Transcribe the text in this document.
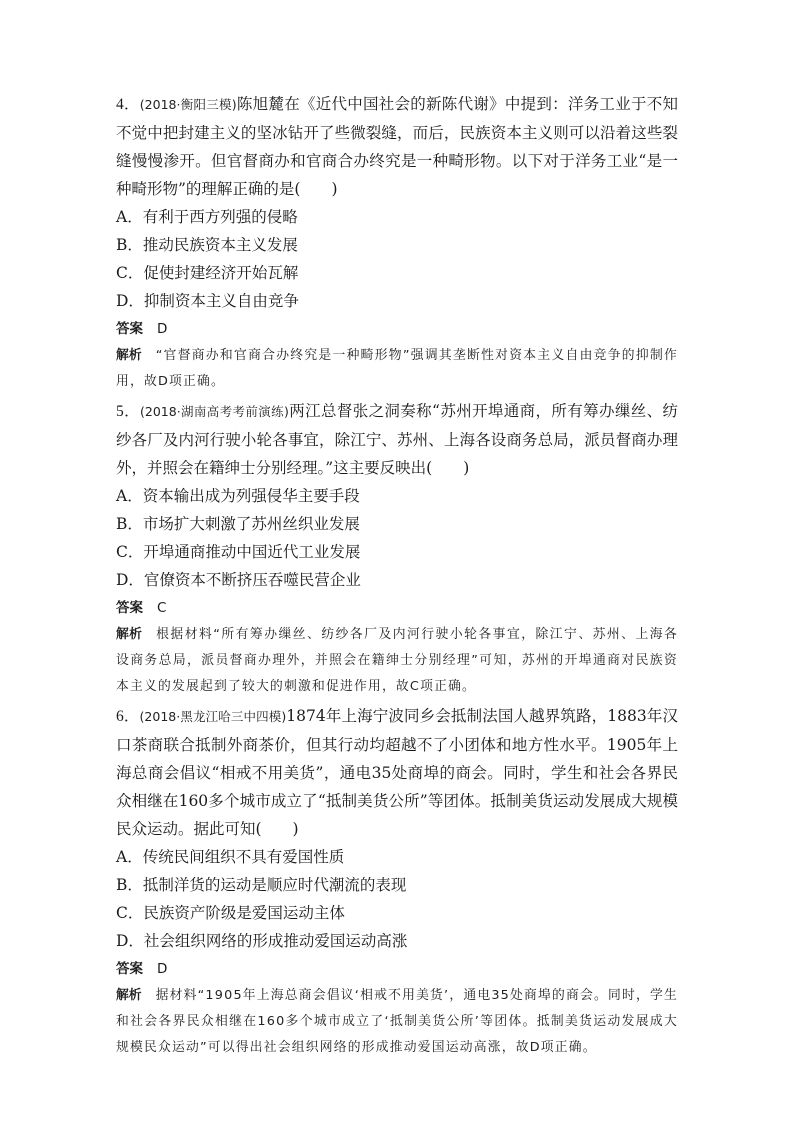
4．(2018·衡阳三模)陈旭麓在《近代中国社会的新陈代谢》中提到：洋务工业于不知不觉中把封建主义的坚冰钻开了些微裂缝，而后，民族资本主义则可以沿着这些裂缝慢慢渗开。但官督商办和官商合办终究是一种畸形物。以下对于洋务工业“是一种畸形物”的理解正确的是(　　)

A．有利于西方列强的侵略

B．推动民族资本主义发展

C．促使封建经济开始瓦解

D．抑制资本主义自由竞争

答案 D

解析 “官督商办和官商合办终究是一种畸形物”强调其垄断性对资本主义自由竞争的抑制作用，故D项正确。

5．(2018·湖南高考考前演练)两江总督张之洞奏称“苏州开埠通商，所有筹办缫丝、纺纱各厂及内河行驶小轮各事宜，除江宁、苏州、上海各设商务总局，派员督商办理外，并照会在籍绅士分别经理。”这主要反映出(　　)

A．资本输出成为列强侵华主要手段

B．市场扩大刺激了苏州丝织业发展

C．开埠通商推动中国近代工业发展

D．官僚资本不断挤压吞噬民营企业

答案 C

解析 根据材料“所有筹办缫丝、纺纱各厂及内河行驶小轮各事宜，除江宁、苏州、上海各设商务总局，派员督商办理外，并照会在籍绅士分别经理”可知，苏州的开埠通商对民族资本主义的发展起到了较大的刺激和促进作用，故C项正确。

6．(2018·黑龙江哈三中四模)1874年上海宁波同乡会抵制法国人越界筑路，1883年汉口茶商联合抵制外商茶价，但其行动均超越不了小团体和地方性水平。1905年上海总商会倡议“相戒不用美货”，通电35处商埠的商会。同时，学生和社会各界民众相继在160多个城市成立了“抵制美货公所”等团体。抵制美货运动发展成大规模民众运动。据此可知(　　)

A．传统民间组织不具有爱国性质

B．抵制洋货的运动是顺应时代潮流的表现

C．民族资产阶级是爱国运动主体

D．社会组织网络的形成推动爱国运动高涨

答案 D

解析 据材料“1905年上海总商会倡议‘相戒不用美货’，通电35处商埠的商会。同时，学生和社会各界民众相继在160多个城市成立了‘抵制美货公所’等团体。抵制美货运动发展成大规模民众运动”可以得出社会组织网络的形成推动爱国运动高涨，故D项正确。
